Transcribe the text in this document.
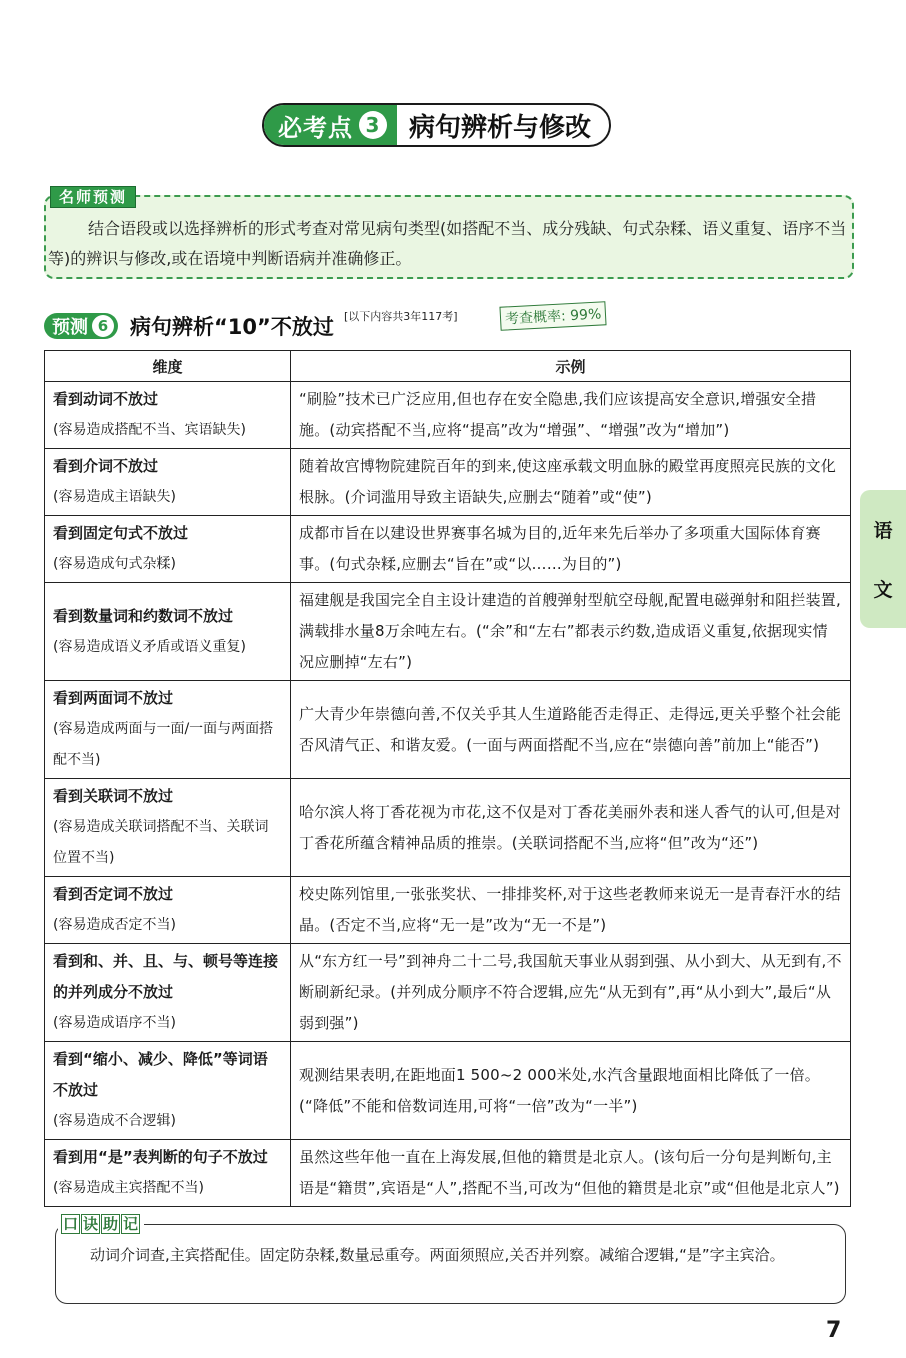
必考点 3 病句辨析与修改
名师预测
结合语段或以选择辨析的形式考查对常见病句类型(如搭配不当、成分残缺、句式杂糅、语义重复、语序不当等)的辨识与修改,或在语境中判断语病并准确修正。
预测 6 病句辨析“10”不放过 [以下内容共3年117考]	考查概率: 99%
维度	示例

看到动词不放过
(容易造成搭配不当、宾语缺失)	“刷脸”技术已广泛应用,但也存在安全隐患,我们应该提高安全意识,增强安全措施。(动宾搭配不当,应将“提高”改为“增强”、“增强”改为“增加”)

看到介词不放过
(容易造成主语缺失)	随着故宫博物院建院百年的到来,使这座承载文明血脉的殿堂再度照亮民族的文化根脉。(介词滥用导致主语缺失,应删去“随着”或“使”)

看到固定句式不放过
(容易造成句式杂糅)	成都市旨在以建设世界赛事名城为目的,近年来先后举办了多项重大国际体育赛事。(句式杂糅,应删去“旨在”或“以……为目的”)

看到数量词和约数词不放过
(容易造成语义矛盾或语义重复)	福建舰是我国完全自主设计建造的首艘弹射型航空母舰,配置电磁弹射和阻拦装置,满载排水量8万余吨左右。(“余”和“左右”都表示约数,造成语义重复,依据现实情况应删掉“左右”)

看到两面词不放过
(容易造成两面与一面/一面与两面搭配不当)	广大青少年崇德向善,不仅关乎其人生道路能否走得正、走得远,更关乎整个社会能否风清气正、和谐友爱。(一面与两面搭配不当,应在“崇德向善”前加上“能否”)

看到关联词不放过
(容易造成关联词搭配不当、关联词位置不当)	哈尔滨人将丁香花视为市花,这不仅是对丁香花美丽外表和迷人香气的认可,但是对丁香花所蕴含精神品质的推崇。(关联词搭配不当,应将“但”改为“还”)

看到否定词不放过
(容易造成否定不当)	校史陈列馆里,一张张奖状、一排排奖杯,对于这些老教师来说无一是青春汗水的结晶。(否定不当,应将“无一是”改为“无一不是”)

看到和、并、且、与、顿号等连接的并列成分不放过
(容易造成语序不当)	从“东方红一号”到神舟二十二号,我国航天事业从弱到强、从小到大、从无到有,不断刷新纪录。(并列成分顺序不符合逻辑,应先“从无到有”,再“从小到大”,最后“从弱到强”)

看到“缩小、减少、降低”等词语不放过
(容易造成不合逻辑)	观测结果表明,在距地面1 500~2 000米处,水汽含量跟地面相比降低了一倍。(“降低”不能和倍数词连用,可将“一倍”改为“一半”)

看到用“是”表判断的句子不放过
(容易造成主宾搭配不当)	虽然这些年他一直在上海发展,但他的籍贯是北京人。(该句后一分句是判断句,主语是“籍贯”,宾语是“人”,搭配不当,可改为“但他的籍贯是北京”或“但他是北京人”)
语
文
口 诀 助 记
动词介词查,主宾搭配佳。固定防杂糅,数量忌重夸。两面须照应,关否并列察。减缩合逻辑,“是”字主宾洽。
7
